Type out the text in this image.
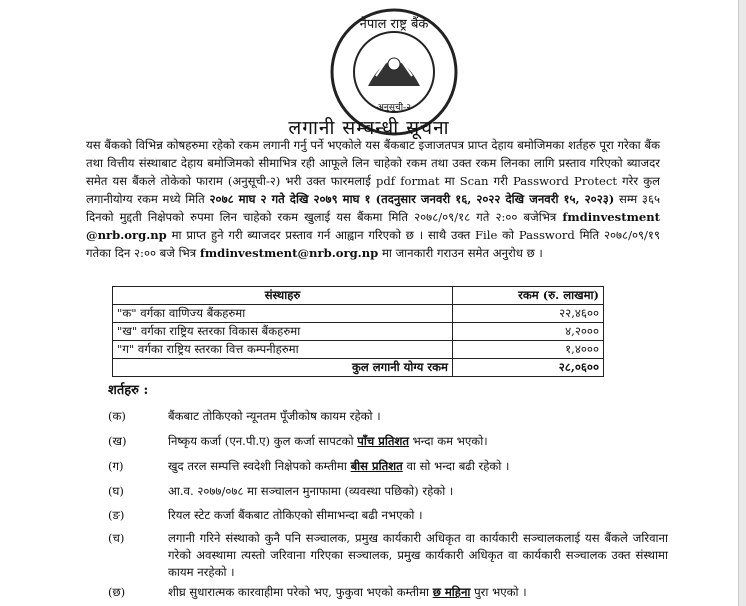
नेपाल राष्ट्र बैंक
अनुसूची-२
लगानी सम्बन्धी सूचना
यस बैंकको विभिन्न कोषहरुमा रहेको रकम लगानी गर्नु पर्ने भएकोले यस बैंकबाट इजाजतपत्र प्राप्त देहाय बमोजिमका शर्तहरु पूरा गरेका बैंक तथा वित्तीय संस्थाबाट देहाय बमोजिमको सीमाभित्र रही आफूले लिन चाहेको रकम तथा उक्त रकम लिनका लागि प्रस्ताव गरिएको ब्याजदर समेत यस बैंकले तोकेको फाराम (अनुसूची-२) भरी उक्त फारमलाई pdf format मा Scan गरी Password Protect गरेर कुल लगानीयोग्य रकम मध्ये मिति २०७८ माघ २ गते देखि २०७९ माघ १ (तदनुसार जनवरी १६, २०२२ देखि जनवरी १५, २०२३) सम्म ३६५ दिनको मुद्दती निक्षेपको रुपमा लिन चाहेको रकम खुलाई यस बैंकमा मिति २०७८/०९/१८ गते २:०० बजेभित्र fmdinvestment @nrb.org.np मा प्राप्त हुने गरी ब्याजदर प्रस्ताव गर्न आह्वान गरिएको छ । साथै उक्त File को Password मिति २०७८/०९/१९ गतेका दिन २:०० बजे भित्र fmdinvestment@nrb.org.np मा जानकारी गराउन समेत अनुरोध छ ।
संस्थाहरु	रकम (रु. लाखमा)
"क" वर्गका वाणिज्य बैंकहरुमा	२२,४६००
"ख" वर्गका राष्ट्रिय स्तरका विकास बैंकहरुमा	४,२०००
"ग" वर्गका राष्ट्रिय स्तरका वित्त कम्पनीहरुमा	१,४०००
कुल लगानी योग्य रकम	२८,०६००
शर्तहरु :
(क)	बैंकबाट तोकिएको न्यूनतम पूँजीकोष कायम रहेको ।
(ख)	निष्कृय कर्जा (एन.पी.ए) कुल कर्जा सापटको पाँच प्रतिशत भन्दा कम भएको।
(ग)	खुद तरल सम्पत्ति स्वदेशी निक्षेपको कम्तीमा बीस प्रतिशत वा सो भन्दा बढी रहेको ।
(घ)	आ.व. २०७७/०७८ मा सञ्चालन मुनाफामा (व्यवस्था पछिको) रहेको ।
(ङ)	रियल स्टेट कर्जा बैंकबाट तोकिएको सीमाभन्दा बढी नभएको ।
(च)	लगानी गरिने संस्थाको कुनै पनि सञ्चालक, प्रमुख कार्यकारी अधिकृत वा कार्यकारी सञ्चालकलाई यस बैंकले जरिवाना गरेको अवस्थामा त्यस्तो जरिवाना गरिएका सञ्चालक, प्रमुख कार्यकारी अधिकृत वा कार्यकारी सञ्चालक उक्त संस्थामा कायम नरहेको ।
(छ)	शीघ्र सुधारात्मक कारवाहीमा परेको भए, फुकुवा भएको कम्तीमा छ महिना पुरा भएको ।
